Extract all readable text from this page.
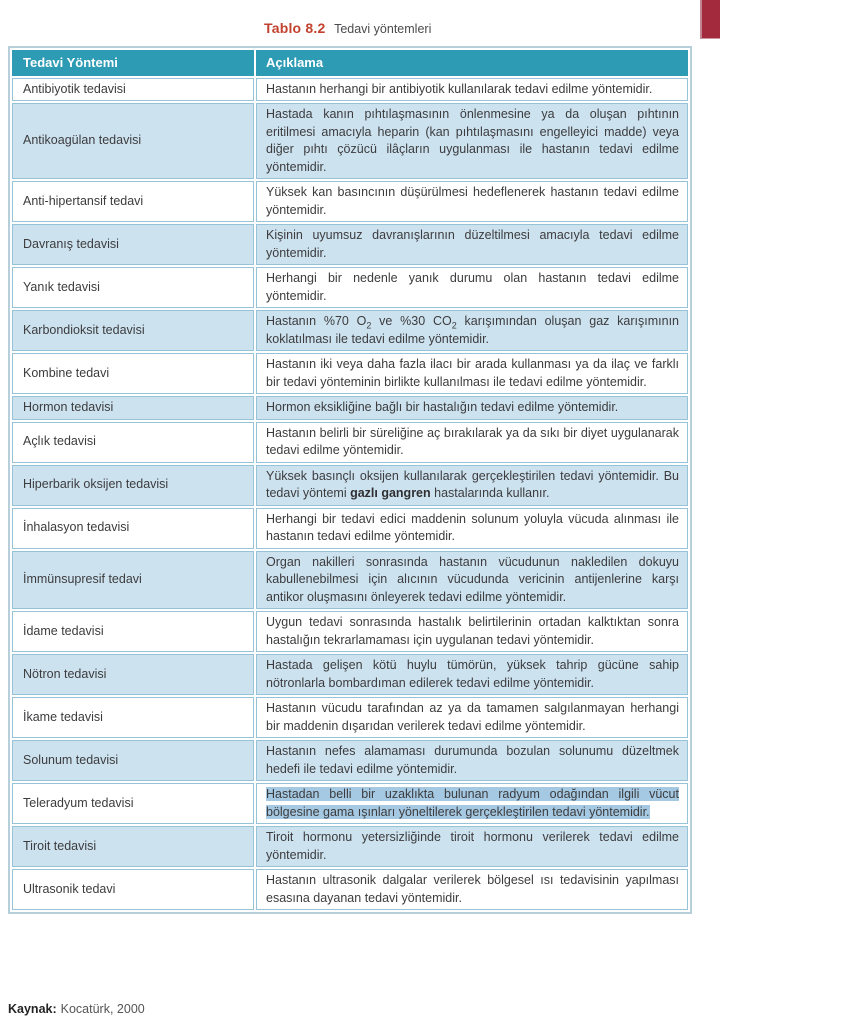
Tablo 8.2 Tedavi yöntemleri
Tedavi Yöntemi	Açıklama
Antibiyotik tedavisi	Hastanın herhangi bir antibiyotik kullanılarak tedavi edilme yöntemidir.
Antikoagülan tedavisi	Hastada kanın pıhtılaşmasının önlenmesine ya da oluşan pıhtının eritilmesi amacıyla heparin (kan pıhtılaşmasını engelleyici madde) veya diğer pıhtı çözücü ilâçların uygulanması ile hastanın tedavi edilme yöntemidir.
Anti-hipertansif tedavi	Yüksek kan basıncının düşürülmesi hedeflenerek hastanın tedavi edilme yöntemidir.
Davranış tedavisi	Kişinin uyumsuz davranışlarının düzeltilmesi amacıyla tedavi edilme yöntemidir.
Yanık tedavisi	Herhangi bir nedenle yanık durumu olan hastanın tedavi edilme yöntemidir.
Karbondioksit tedavisi	Hastanın %70 $O_2$ ve %30 $CO_2$ karışımından oluşan gaz karışımının koklatılması ile tedavi edilme yöntemidir.
Kombine tedavi	Hastanın iki veya daha fazla ilacı bir arada kullanması ya da ilaç ve farklı bir tedavi yönteminin birlikte kullanılması ile tedavi edilme yöntemidir.
Hormon tedavisi	Hormon eksikliğine bağlı bir hastalığın tedavi edilme yöntemidir.
Açlık tedavisi	Hastanın belirli bir süreliğine aç bırakılarak ya da sıkı bir diyet uygulanarak tedavi edilme yöntemidir.
Hiperbarik oksijen tedavisi	Yüksek basınçlı oksijen kullanılarak gerçekleştirilen tedavi yöntemidir. Bu tedavi yöntemi gazlı gangren hastalarında kullanır.
İnhalasyon tedavisi	Herhangi bir tedavi edici maddenin solunum yoluyla vücuda alınması ile hastanın tedavi edilme yöntemidir.
İmmünsupresif tedavi	Organ nakilleri sonrasında hastanın vücudunun nakledilen dokuyu kabullenebilmesi için alıcının vücudunda vericinin antijenlerine karşı antikor oluşmasını önleyerek tedavi edilme yöntemidir.
İdame tedavisi	Uygun tedavi sonrasında hastalık belirtilerinin ortadan kalktıktan sonra hastalığın tekrarlamaması için uygulanan tedavi yöntemidir.
Nötron tedavisi	Hastada gelişen kötü huylu tümörün, yüksek tahrip gücüne sahip nötronlarla bombardıman edilerek tedavi edilme yöntemidir.
İkame tedavisi	Hastanın vücudu tarafından az ya da tamamen salgılanmayan herhangi bir maddenin dışarıdan verilerek tedavi edilme yöntemidir.
Solunum tedavisi	Hastanın nefes alamaması durumunda bozulan solunumu düzeltmek hedefi ile tedavi edilme yöntemidir.
Teleradyum tedavisi	Hastadan belli bir uzaklıkta bulunan radyum odağından ilgili vücut bölgesine gama ışınları yöneltilerek gerçekleştirilen tedavi yöntemidir.
Tiroit tedavisi	Tiroit hormonu yetersizliğinde tiroit hormonu verilerek tedavi edilme yöntemidir.
Ultrasonik tedavi	Hastanın ultrasonik dalgalar verilerek bölgesel ısı tedavisinin yapılması esasına dayanan tedavi yöntemidir.
Kaynak: Kocatürk, 2000
